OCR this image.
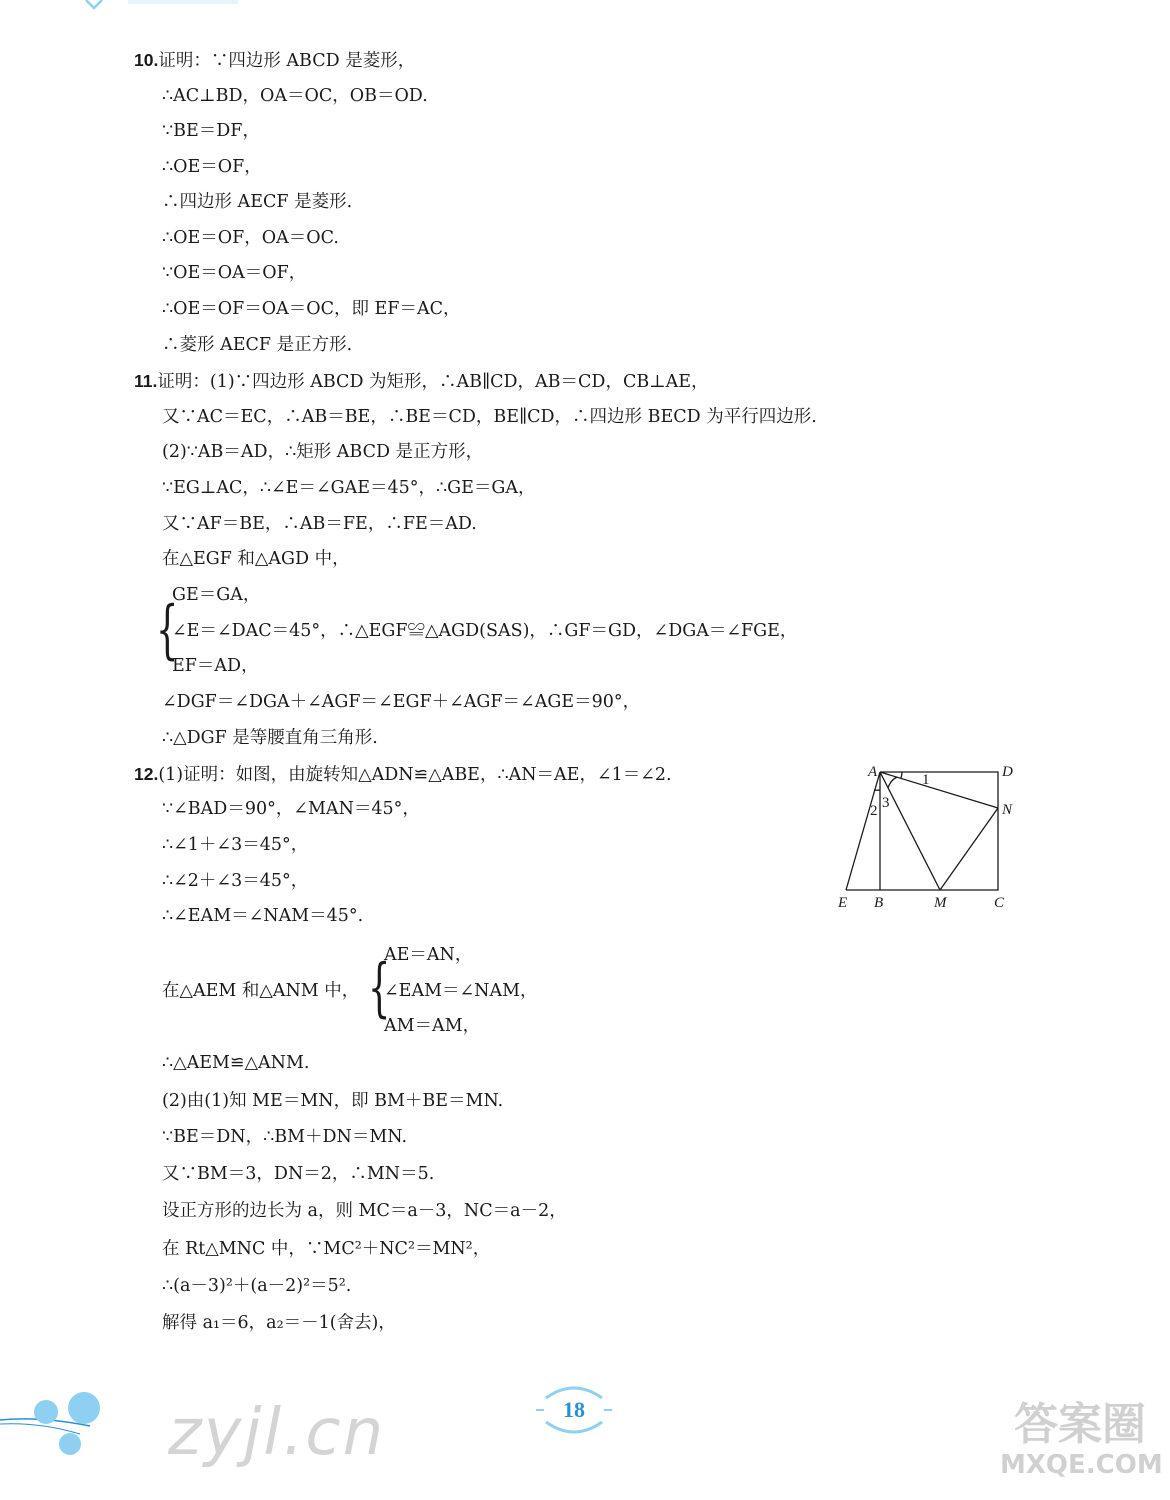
10.证明：∵四边形 ABCD 是菱形，
∴AC⊥BD，OA＝OC，OB＝OD.
∵BE＝DF，
∴OE＝OF，
∴四边形 AECF 是菱形.
∴OE＝OF，OA＝OC.
∵OE＝OA＝OF，
∴OE＝OF＝OA＝OC，即 EF＝AC，
∴菱形 AECF 是正方形.
11.证明：(1)∵四边形 ABCD 为矩形，∴AB∥CD，AB＝CD，CB⊥AE，
又∵AC＝EC，∴AB＝BE，∴BE＝CD，BE∥CD，∴四边形 BECD 为平行四边形.
(2)∵AB＝AD，∴矩形 ABCD 是正方形，
∵EG⊥AC，∴∠E＝∠GAE＝45°，∴GE＝GA，
又∵AF＝BE，∴AB＝FE，∴FE＝AD.
在△EGF 和△AGD 中，
{
GE＝GA，
∠E＝∠DAC＝45°，∴△EGF≌△AGD(SAS)，∴GF＝GD，∠DGA＝∠FGE，
EF＝AD，
∠DGF＝∠DGA＋∠AGF＝∠EGF＋∠AGF＝∠AGE＝90°，
∴△DGF 是等腰直角三角形.
12.(1)证明：如图，由旋转知△ADN≌△ABE，∴AN＝AE，∠1＝∠2.
∵∠BAD＝90°，∠MAN＝45°，
∴∠1＋∠3＝45°，
∴∠2＋∠3＝45°，
∴∠EAM＝∠NAM＝45°.
AE＝AN，
在△AEM 和△ANM 中， {
∠EAM＝∠NAM，
AM＝AM，
∴△AEM≌△ANM.
(2)由(1)知 ME＝MN，即 BM＋BE＝MN.
∵BE＝DN，∴BM＋DN＝MN.
又∵BM＝3，DN＝2，∴MN＝5.
设正方形的边长为 a，则 MC＝a－3，NC＝a－2，
在 Rt△MNC 中，∵MC²＋NC²＝MN²，
∴(a－3)²＋(a－2)²＝5².
解得 a₁＝6，a₂＝－1(舍去)，
A	D
N
E B	M	C
1
2 3
zyjl.cn	18	答案圈
MXQE.COM
